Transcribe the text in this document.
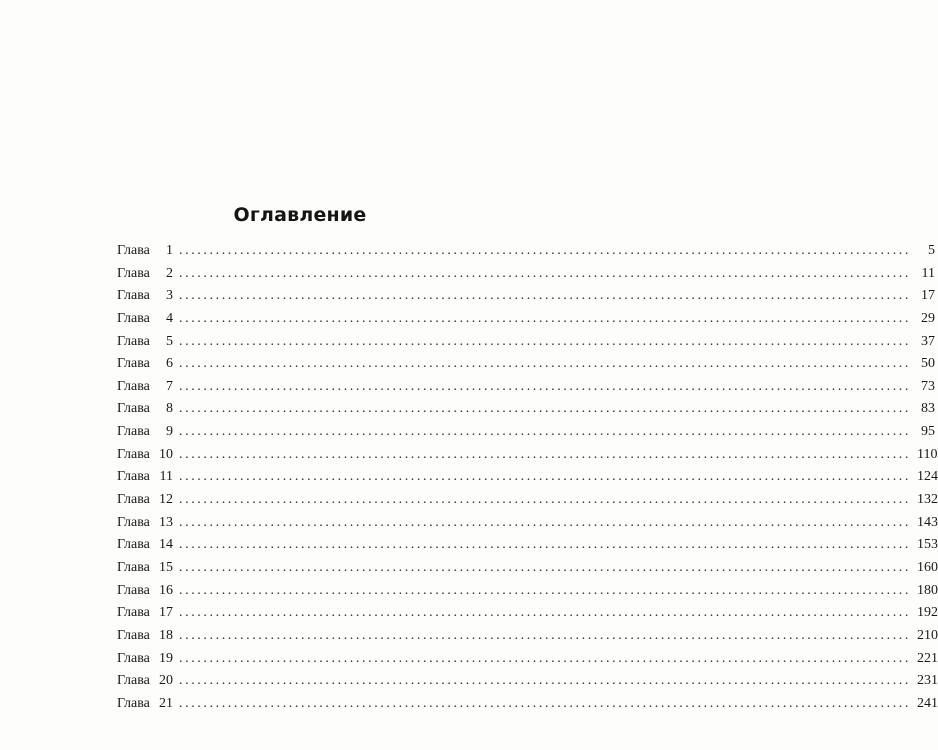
Оглавление
Глава	1 ........................................................................................................................	5
Глава	2 ........................................................................................................................ 11
Глава	3 ........................................................................................................................ 17
Глава	4 ........................................................................................................................ 29
Глава	5 ........................................................................................................................ 37
Глава	6 ........................................................................................................................ 50
Глава	7 ........................................................................................................................ 73
Глава	8 ........................................................................................................................ 83
Глава	9 ........................................................................................................................ 95
Глава 10 ........................................................................................................................ 110
Глава 11 ........................................................................................................................ 124
Глава 12 ........................................................................................................................ 132
Глава 13 ........................................................................................................................ 143
Глава 14 ........................................................................................................................ 153
Глава 15 ........................................................................................................................ 160
Глава 16 ........................................................................................................................ 180
Глава 17 ........................................................................................................................ 192
Глава 18 ........................................................................................................................ 210
Глава 19 ........................................................................................................................ 221
Глава 20 ........................................................................................................................ 231
Глава 21 ........................................................................................................................ 241
